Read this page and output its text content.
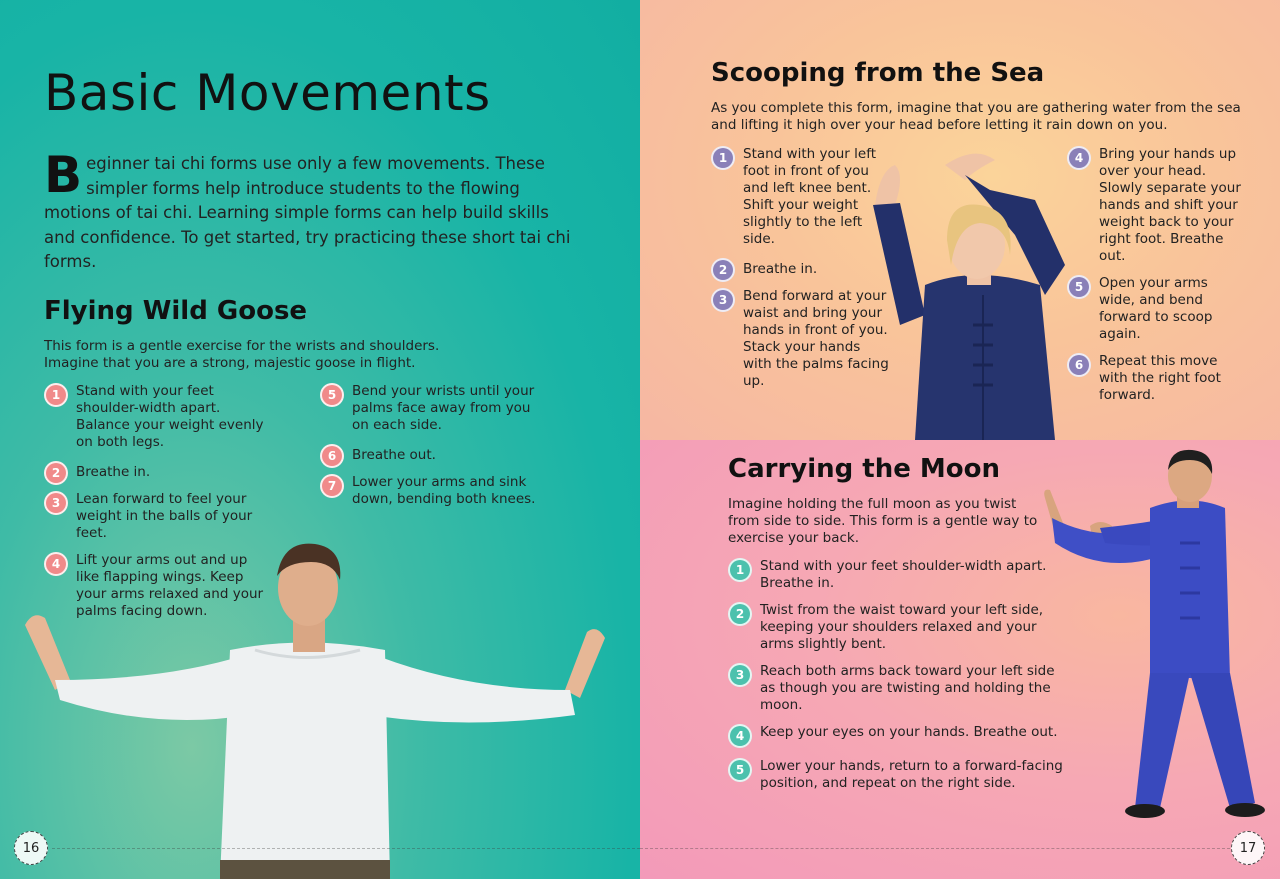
Basic Movements

Beginner tai chi forms use only a few movements. These simpler forms help introduce students to the flowing motions of tai chi. Learning simple forms can help build skills and confidence. To get started, try practicing these short tai chi forms.

Flying Wild Goose

This form is a gentle exercise for the wrists and shoulders. Imagine that you are a strong, majestic goose in flight.

1	Stand with your feet shoulder-width apart. Balance your weight evenly on both legs.
2	Breathe in.
3	Lean forward to feel your weight in the balls of your feet.
4	Lift your arms out and up like flapping wings. Keep your arms relaxed and your palms facing down.
5	Bend your wrists until your palms face away from you on each side.
6	Breathe out.
7	Lower your arms and sink down, bending both knees.
16
Scooping from the Sea

As you complete this form, imagine that you are gathering water from the sea and lifting it high over your head before letting it rain down on you.

1	Stand with your left foot in front of you and left knee bent. Shift your weight slightly to the left side.
2	Breathe in.
3	Bend forward at your waist and bring your hands in front of you. Stack your hands with the palms facing up.
4	Bring your hands up over your head. Slowly separate your hands and shift your weight back to your right foot. Breathe out.
5	Open your arms wide, and bend forward to scoop again.
6	Repeat this move with the right foot forward.
Carrying the Moon

Imagine holding the full moon as you twist from side to side. This form is a gentle way to exercise your back.

1	Stand with your feet shoulder-width apart. Breathe in.
2	Twist from the waist toward your left side, keeping your shoulders relaxed and your arms slightly bent.
3	Reach both arms back toward your left side as though you are twisting and holding the moon.
4	Keep your eyes on your hands. Breathe out.
5	Lower your hands, return to a forward-facing position, and repeat on the right side.
17
